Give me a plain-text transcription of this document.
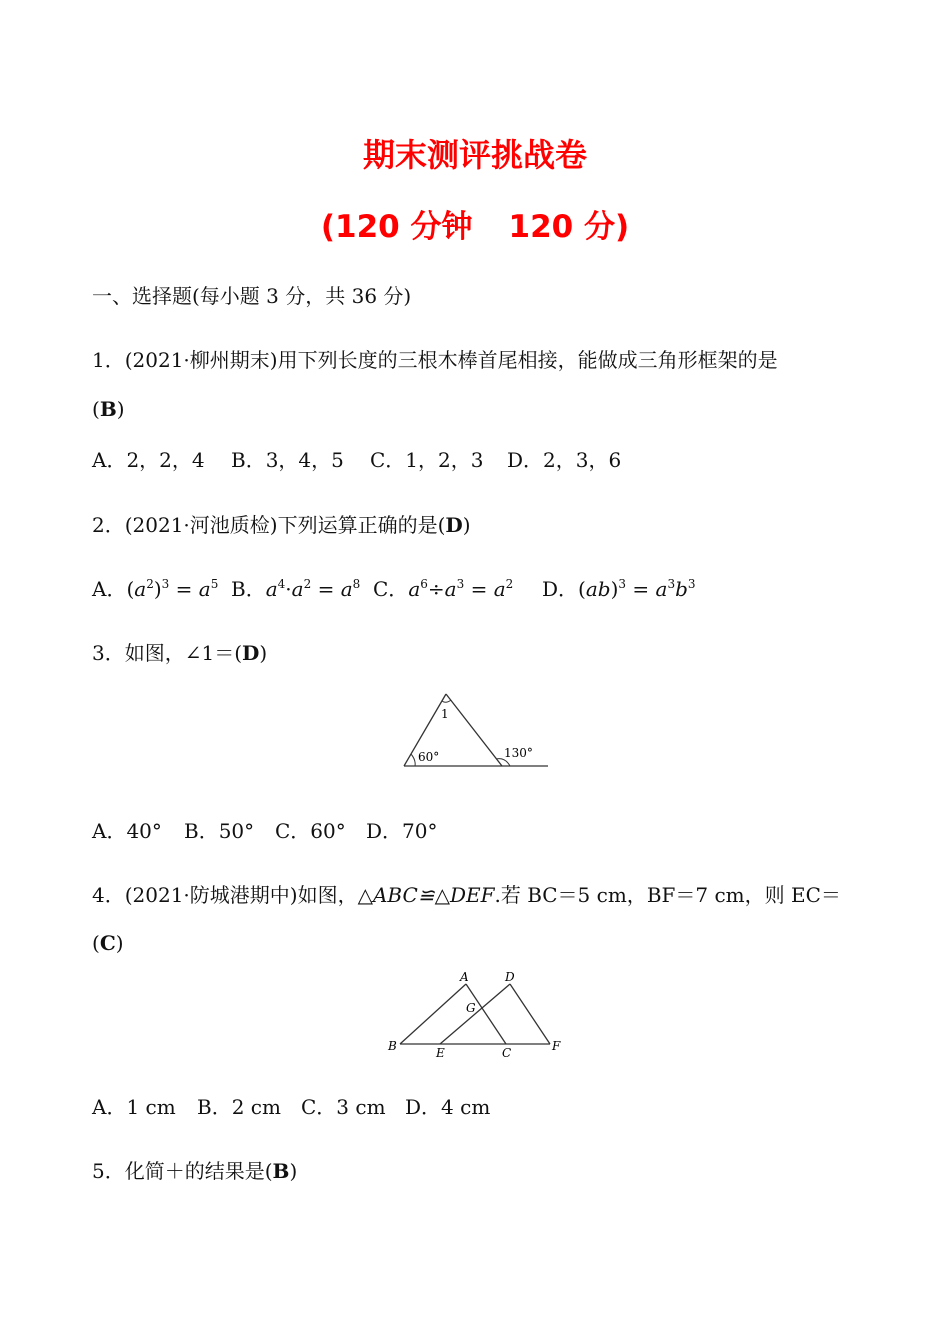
期末测评挑战卷
(120 分钟 120 分)
一、选择题(每小题 3 分，共 36 分)
1．(2021·柳州期末)用下列长度的三根木棒首尾相接，能做成三角形框架的是
(B)
A．2，2，4 B．3，4，5 C．1，2，3 D．2，3，6
2．(2021·河池质检)下列运算正确的是(D)
A．$(a^2)^3 = a^5$ B．$a^4\cdot a^2 = a^8$ C．$a^6\div a^3 = a^2$ D．$(ab)^3 = a^3b^3$
3．如图，∠1＝(D)
1
60°	130°
A．40° B．50° C．60° D．70°
4．(2021·防城港期中)如图，△ABC≌△DEF.若 BC＝5 cm，BF＝7 cm，则 EC＝
(C)
A	D
G
B	E	C	F
A．1 cm B．2 cm C．3 cm D．4 cm
5．化简＋的结果是(B)
